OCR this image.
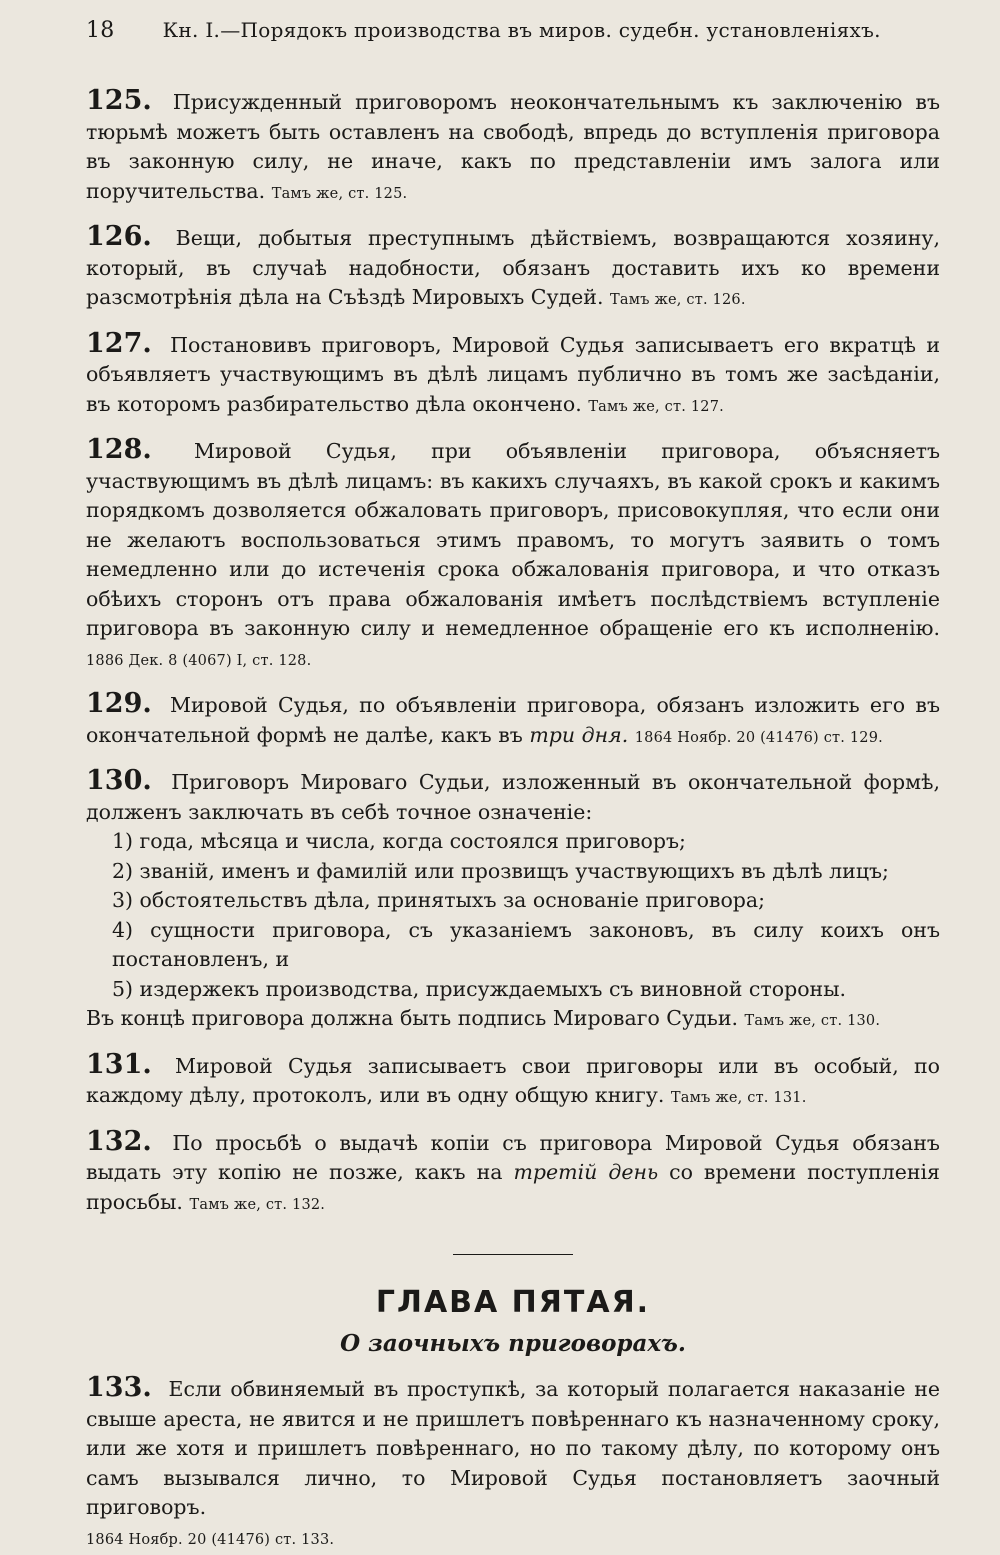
18 Кн. I.—Порядокъ производства въ миров. судебн. установленіяхъ.

125. Присужденный приговоромъ неокончательнымъ къ заключенію въ тюрьмѣ можетъ быть оставленъ на свободѣ, впредь до вступленія приговора въ законную силу, не иначе, какъ по представленіи имъ залога или поручительства. Тамъ же, ст. 125.

126. Вещи, добытыя преступнымъ дѣйствіемъ, возвращаются хозяину, который, въ случаѣ надобности, обязанъ доставить ихъ ко времени разсмотрѣнія дѣла на Съѣздѣ Мировыхъ Судей. Тамъ же, ст. 126.

127. Постановивъ приговоръ, Мировой Судья записываетъ его вкратцѣ и объявляетъ участвующимъ въ дѣлѣ лицамъ публично въ томъ же засѣданіи, въ которомъ разбирательство дѣла окончено. Тамъ же, ст. 127.

128. Мировой Судья, при объявленіи приговора, объясняетъ участвующимъ въ дѣлѣ лицамъ: въ какихъ случаяхъ, въ какой срокъ и какимъ порядкомъ дозволяется обжаловать приговоръ, присовокупляя, что если они не желаютъ воспользоваться этимъ правомъ, то могутъ заявить о томъ немедленно или до истеченія срока обжалованія приговора, и что отказъ обѣихъ сторонъ отъ права обжалованія имѣетъ послѣдствіемъ вступленіе приговора въ законную силу и немедленное обращеніе его къ исполненію. 1886 Дек. 8 (4067) I, ст. 128.

129. Мировой Судья, по объявленіи приговора, обязанъ изложить его въ окончательной формѣ не далѣе, какъ въ три дня. 1864 Ноябр. 20 (41476) ст. 129.

130. Приговоръ Мироваго Судьи, изложенный въ окончательной формѣ, долженъ заключать въ себѣ точное означеніе:
1) года, мѣсяца и числа, когда состоялся приговоръ;
2) званій, именъ и фамилій или прозвищъ участвующихъ въ дѣлѣ лицъ;
3) обстоятельствъ дѣла, принятыхъ за основаніе приговора;
4) сущности приговора, съ указаніемъ законовъ, въ силу коихъ онъ постановленъ, и
5) издержекъ производства, присуждаемыхъ съ виновной стороны.

Въ концѣ приговора должна быть подпись Мироваго Судьи. Тамъ же, ст. 130.

131. Мировой Судья записываетъ свои приговоры или въ особый, по каждому дѣлу, протоколъ, или въ одну общую книгу. Тамъ же, ст. 131.

132. По просьбѣ о выдачѣ копіи съ приговора Мировой Судья обязанъ выдать эту копію не позже, какъ на третій день со времени поступленія просьбы. Тамъ же, ст. 132.

ГЛАВА ПЯТАЯ.
О заочныхъ приговорахъ.

133. Если обвиняемый въ проступкѣ, за который полагается наказаніе не свыше ареста, не явится и не пришлетъ повѣреннаго къ назначенному сроку, или же хотя и пришлетъ повѣреннаго, но по такому дѣлу, по которому онъ самъ вызывался лично, то Мировой Судья постановляетъ заочный приговоръ.
1864 Ноябр. 20 (41476) ст. 133.
